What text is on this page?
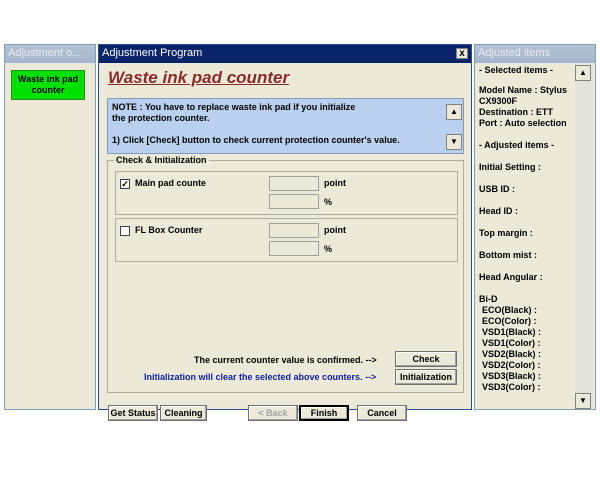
Adjustment o...
Waste ink pad counter
Adjustment Program	x
Waste ink pad counter
NOTE : You have to replace waste ink pad if you initialize
the protection counter.
1) Click [Check] button to check current protection counter's value.
▲
▼
Check & Initialization
✓ Main pad counte	point
%
FL Box Counter	point
%
The current counter value is confirmed. -->
Initialization will clear the selected above counters. -->
Check
Initialization
Get Status Cleaning	< Back	Finish	Cancel
Adjusted items
- Selected items -
Model Name : Stylus
CX9300F
Destination : ETT
Port : Auto selection
- Adjusted items -
Initial Setting :
USB ID :
Head ID :
Top margin :
Bottom mist :
Head Angular :
Bi-D
ECO(Black) :
ECO(Color) :
VSD1(Black) :
VSD1(Color) :
VSD2(Black) :
VSD2(Color) :
VSD3(Black) :
VSD3(Color) :
▲
▼
